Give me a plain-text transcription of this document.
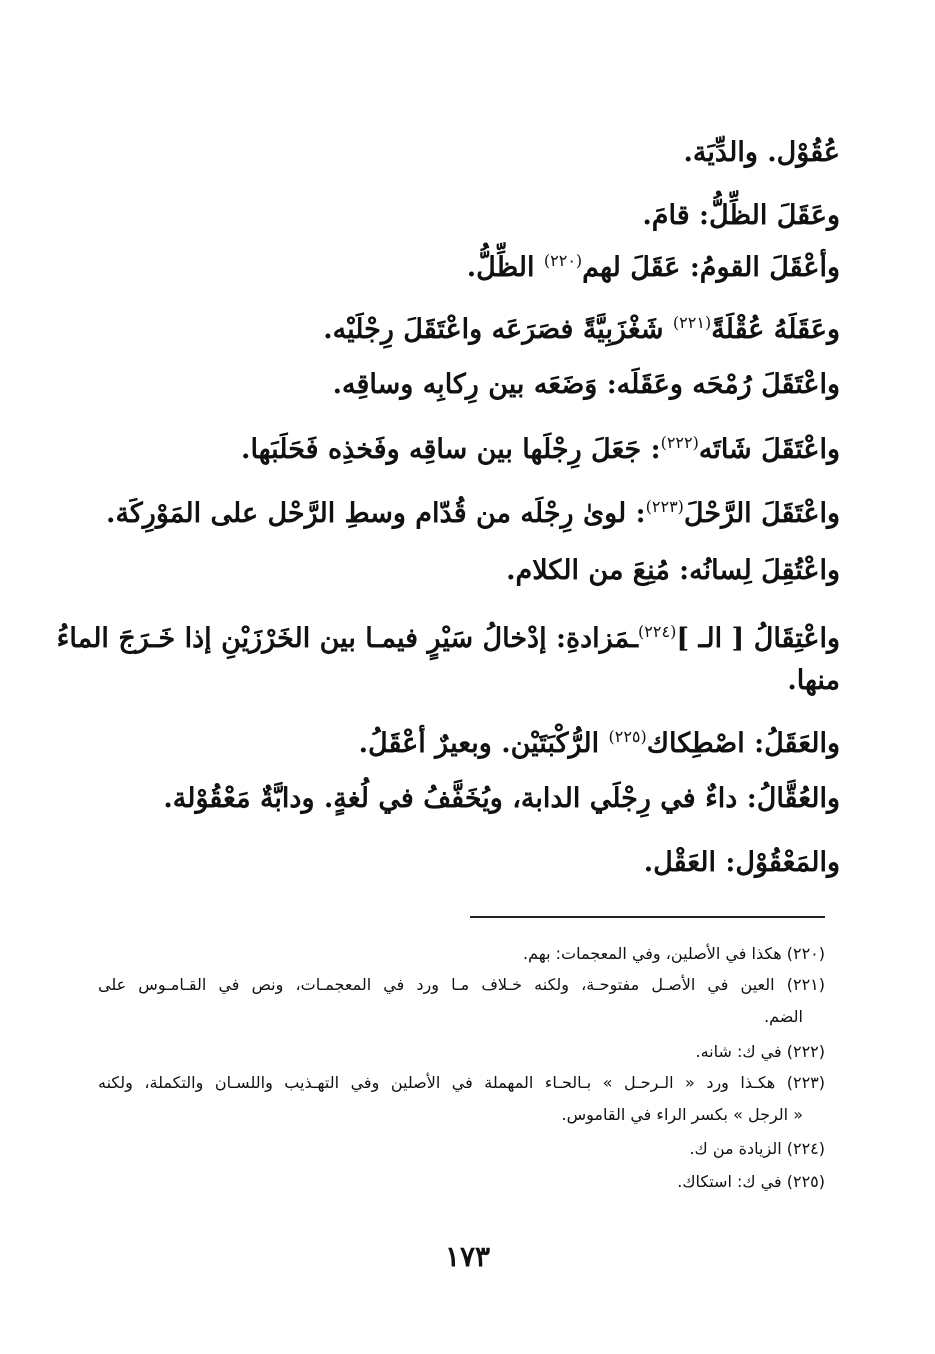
عُقُوْل. والدِّيَة.
وعَقَلَ الظِّلُّ: قامَ.
وأعْقَلَ القومُ: عَقَلَ لهم$^{(٢٢٠)}$ الظِّلُّ.
وعَقَلَهُ عُقْلَةً$^{(٢٢١)}$ شَغْزَبِيَّةً فصَرَعَه واعْتَقَلَ رِجْلَيْه.
واعْتَقَلَ رُمْحَه وعَقَلَه: وَضَعَه بين رِكابِه وساقِه.
واعْتَقَلَ شَاتَه$^{(٢٢٢)}$: جَعَلَ رِجْلَها بين ساقِه وفَخذِه فَحَلَبَها.
واعْتَقَلَ الرَّحْلَ$^{(٢٢٣)}$: لوىٰ رِجْلَه من قُدّام وسطِ الرَّحْل على المَوْرِكَة.
واعْتُقِلَ لِسانُه: مُنِعَ من الكلام.
واعْتِقَالُ [ الـ ]$^{(٢٢٤)}$ـمَزادةِ: إدْخالُ سَيْرٍ فيمـا بين الخَرْزَيْنِ إذا خَـرَجَ الماءُ
منها.
والعَقَلُ: اصْطِكاك$^{(٢٢٥)}$ الرُّكْبَتَيْن. وبعيرٌ أعْقَلُ.
والعُقَّالُ: داءٌ في رِجْلَي الدابة، ويُخَفَّفُ في لُغةٍ. ودابَّةٌ مَعْقُوْلة.
والمَعْقُوْل: العَقْل.
(٢٢٠) هكذا في الأصلين، وفي المعجمات: بهم.
(٢٢١) العين في الأصـل مفتوحـة، ولكنه خـلاف مـا ورد في المعجمـات، ونص في القـامـوس على
الضم.
(٢٢٢) في ك: شانه.
(٢٢٣) هكـذا ورد « الـرحـل » بـالحـاء المهملة في الأصلين وفي التهـذيب واللسـان والتكملة، ولكنه
« الرجل » بكسر الراء في القاموس.
(٢٢٤) الزيادة من ك.
(٢٢٥) في ك: استكاك.
١٧٣
